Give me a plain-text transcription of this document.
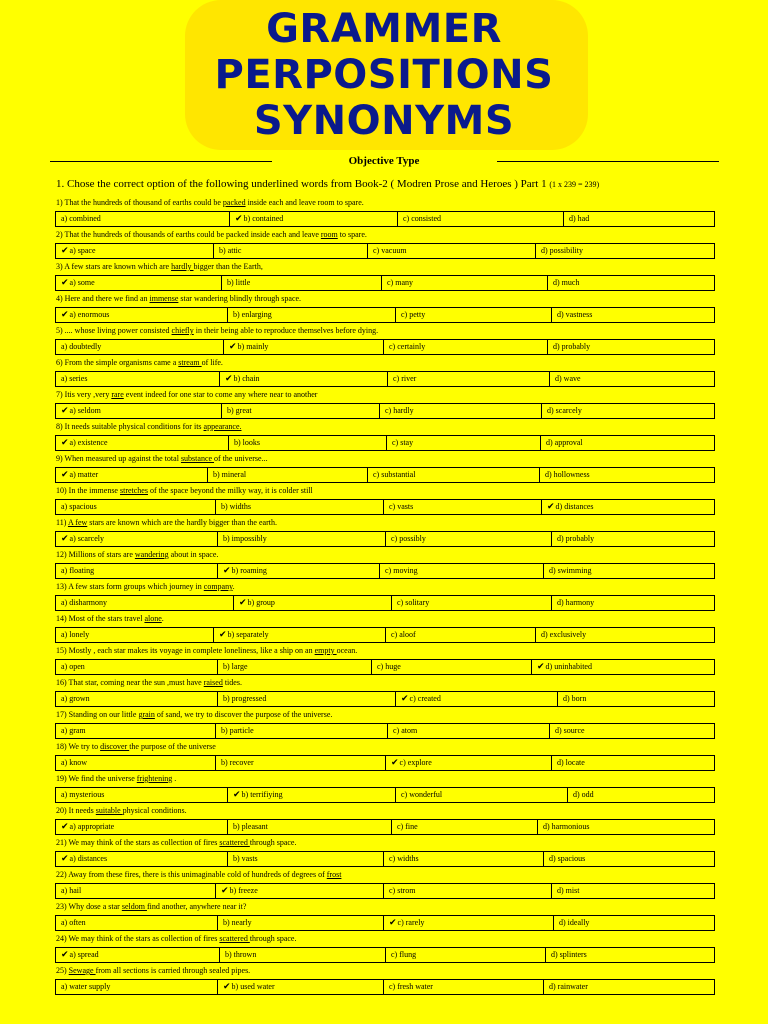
GRAMMER
PERPOSITIONS
SYNONYMS
Objective Type
1. Chose the correct option of the following underlined words from Book-2 ( Modren Prose and Heroes ) Part 1 (1 x 239 = 239)
1) That the hundreds of thousand of earths could be packed inside each and leave room to spare.
a) combined	✔b) contained	c) consisted	d) had
2) That the hundreds of thousands of earths could be packed inside each and leave room to spare.
✔a) space	b) attic	c) vacuum	d) possibility
3) A few stars are known which are hardly bigger than the Earth,
✔a) some	b) little	c) many	d) much
4) Here and there we find an immense star wandering blindly through space.
✔a) enormous	b) enlarging	c) petty	d) vastness
5) .... whose living power consisted chiefly in their being able to reproduce themselves before dying.
a) doubtedly	✔b) mainly	c) certainly	d) probably
6) From the simple organisms came a stream of life.
a) series	✔b) chain	c) river	d) wave
7) Itis very ,very rare event indeed for one star to come any where near to another
✔a) seldom	b) great	c) hardly	d) scarcely
8) It needs suitable physical conditions for its appearance.
✔a) existence	b) looks	c) stay	d) approval
9) When measured up against the total substance of the universe...
✔a) matter	b) mineral	c) substantial	d) hollowness
10) In the immense stretches of the space beyond the milky way, it is colder still
a) spacious	b) widths	c) vasts	✔d) distances
11) A few stars are known which are the hardly bigger than the earth.
✔a) scarcely	b) impossibly	c) possibly	d) probably
12) Millions of stars are wandering about in space.
a) floating	✔b) roaming	c) moving	d) swimming
13) A few stars form groups which journey in company.
a) disharmony	✔b) group	c) solitary	d) harmony
14) Most of the stars travel alone.
a) lonely	✔b) separately	c) aloof	d) exclusively
15) Mostly , each star makes its voyage in complete loneliness, like a ship on an empty ocean.
a) open	b) large	c) huge	✔d) uninhabited
16) That star, coming near the sun ,must have raised tides.
a) grown	b) progressed	✔c) created	d) born
17) Standing on our little grain of sand, we try to discover the purpose of the universe.
a) gram	b) particle	c) atom	d) source
18) We try to discover the purpose of the universe
a) know	b) recover	✔c) explore	d) locate
19) We find the universe frightening .
a) mysterious	✔b) terrifiying	c) wonderful	d) odd
20) It needs suitable physical conditions.
✔a) appropriate	b) pleasant	c) fine	d) harmonious
21) We may think of the stars as collection of fires scattered through space.
✔a) distances	b) vasts	c) widths	d) spacious
22) Away from these fires, there is this unimaginable cold of hundreds of degrees of frost
a) hail	✔b) freeze	c) strom	d) mist
23) Why dose a star seldom find another, anywhere near it?
a) often	b) nearly	✔c) rarely	d) ideally
24) We may think of the stars as collection of fires scattered through space.
✔a) spread	b) thrown	c) flung	d) splinters
25) Sewage from all sections is carried through sealed pipes.
a) water supply	✔b) used water	c) fresh water	d) rainwater
